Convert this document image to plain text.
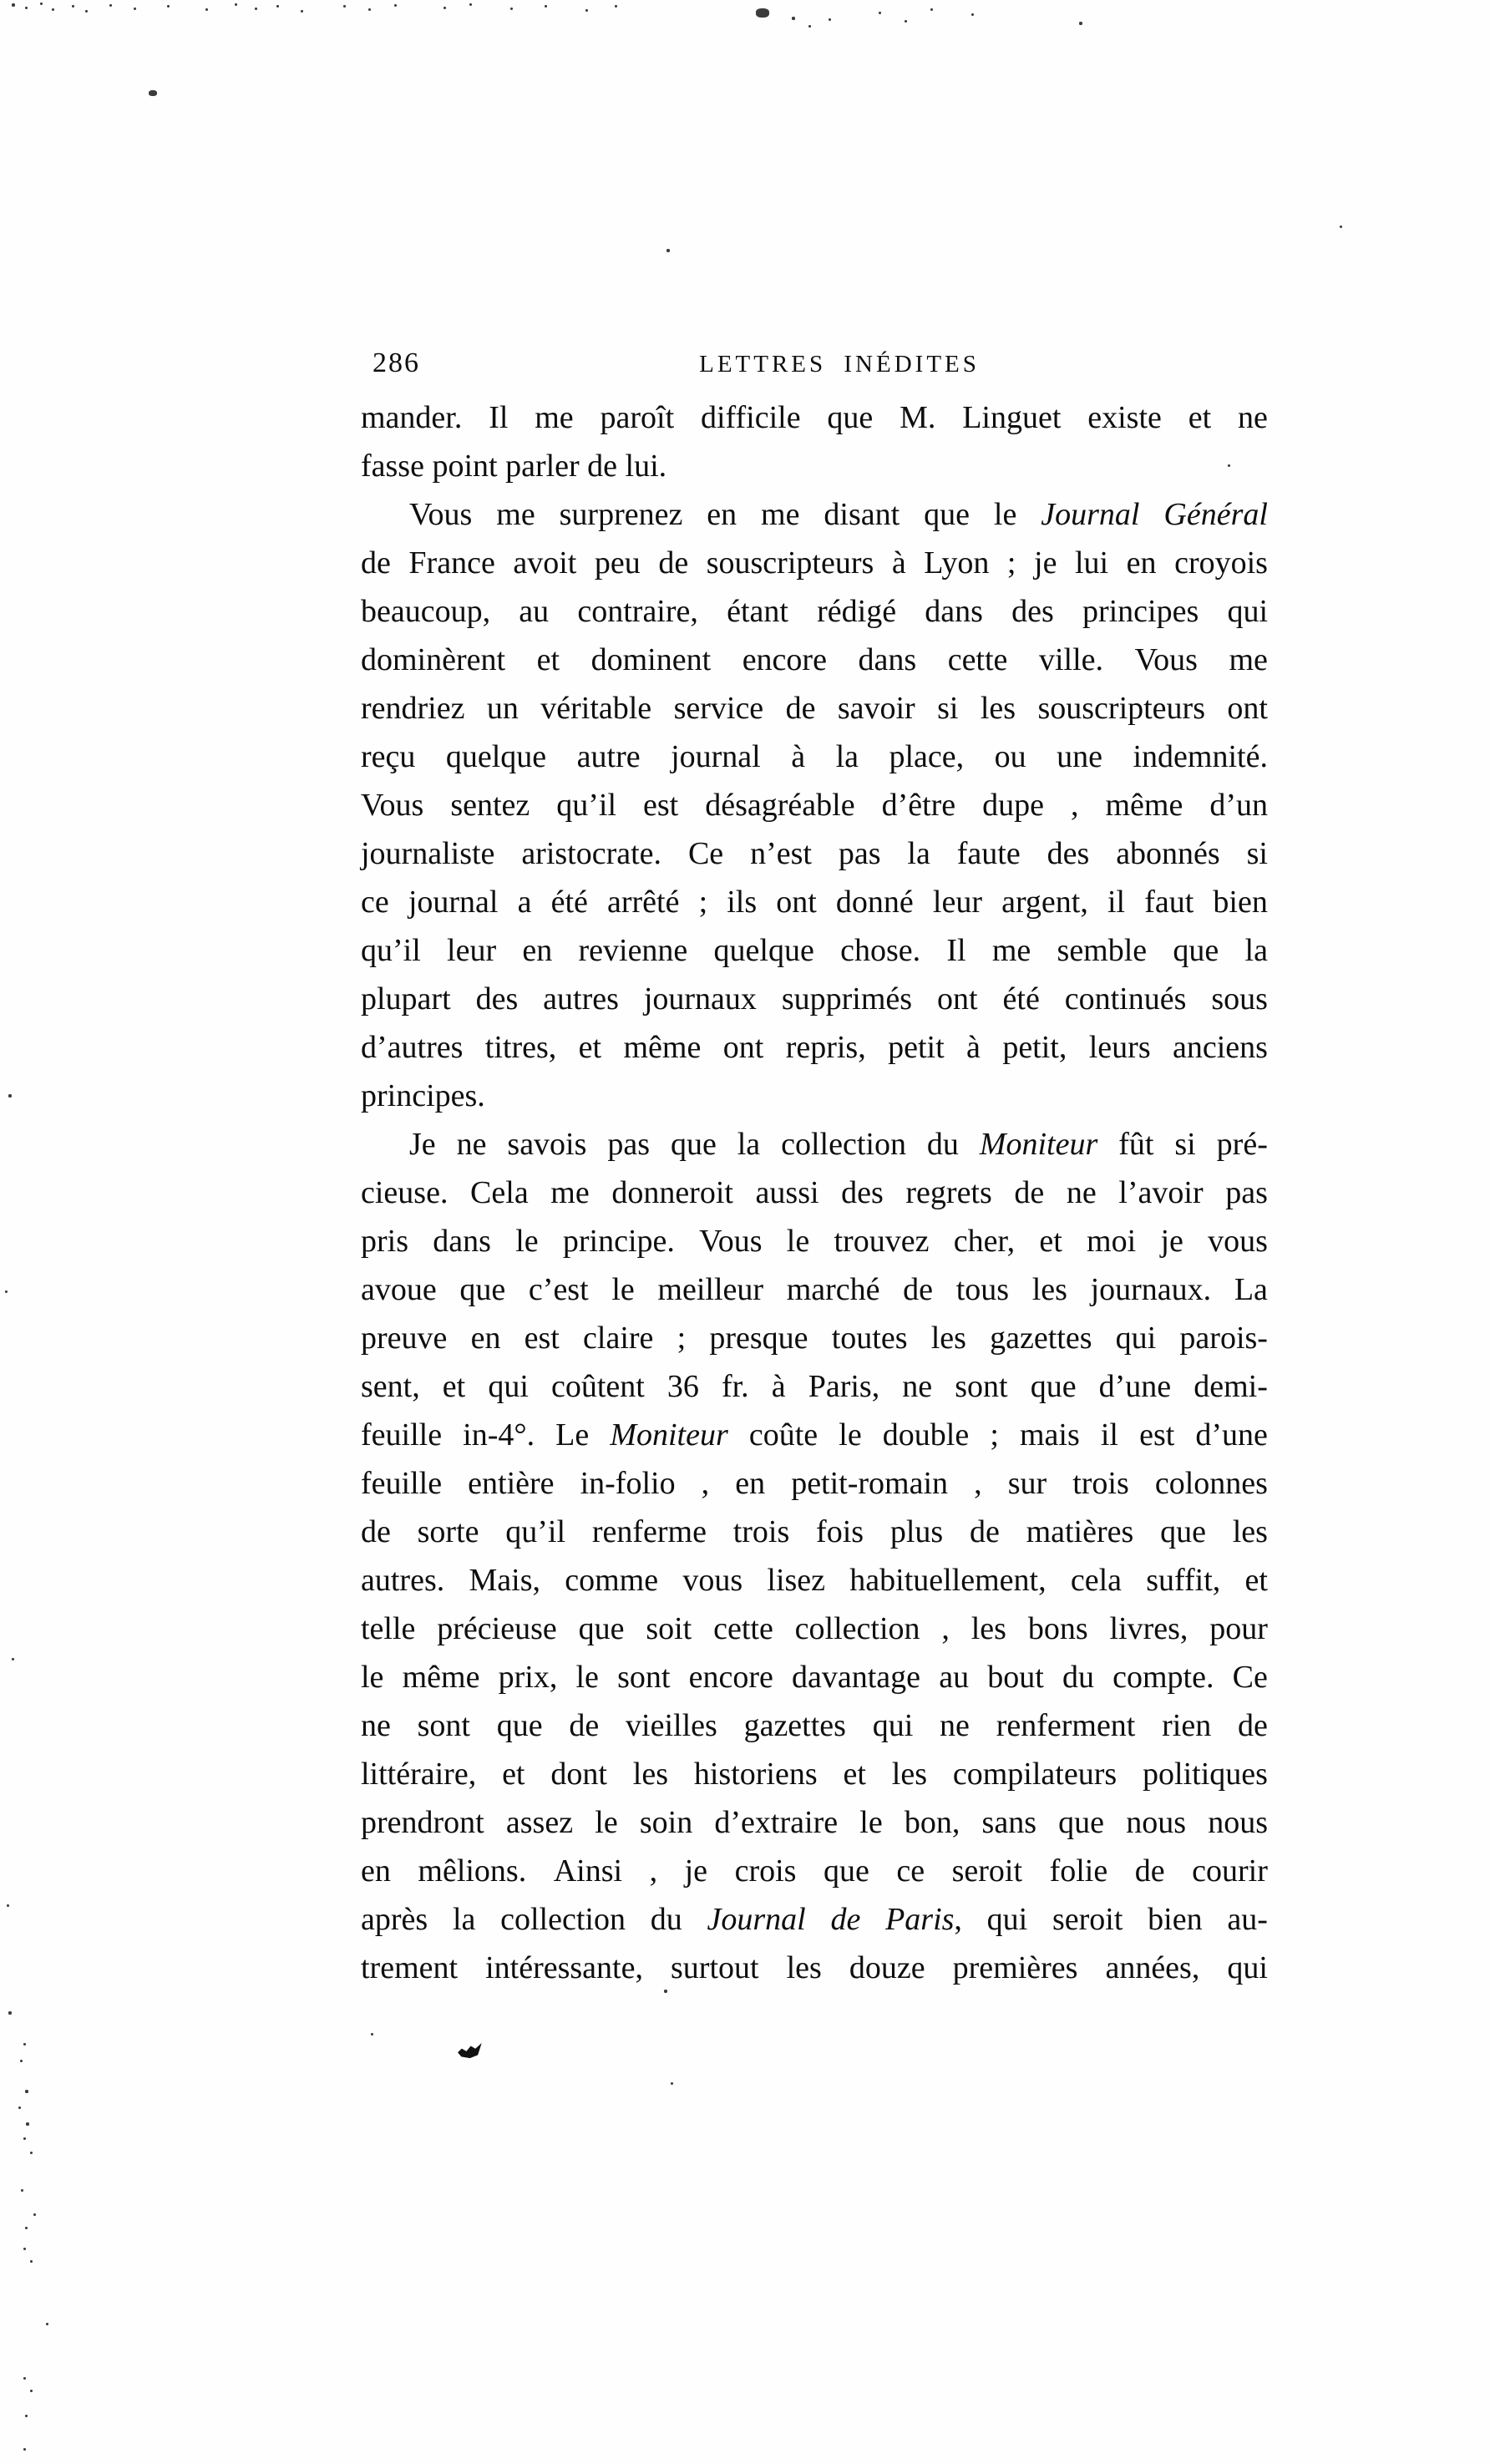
286	LETTRES INÉDITES
mander. Il me paroît difficile que M. Linguet existe et ne
fasse point parler de lui.
Vous me surprenez en me disant que le Journal Général
de France avoit peu de souscripteurs à Lyon ; je lui en croyois
beaucoup, au contraire, étant rédigé dans des principes qui
dominèrent et dominent encore dans cette ville. Vous me
rendriez un véritable service de savoir si les souscripteurs ont
reçu quelque autre journal à la place, ou une indemnité.
Vous sentez qu’il est désagréable d’être dupe , même d’un
journaliste aristocrate. Ce n’est pas la faute des abonnés si
ce journal a été arrêté ; ils ont donné leur argent, il faut bien
qu’il leur en revienne quelque chose. Il me semble que la
plupart des autres journaux supprimés ont été continués sous
d’autres titres, et même ont repris, petit à petit, leurs anciens
principes.
Je ne savois pas que la collection du Moniteur fût si pré-
cieuse. Cela me donneroit aussi des regrets de ne l’avoir pas
pris dans le principe. Vous le trouvez cher, et moi je vous
avoue que c’est le meilleur marché de tous les journaux. La
preuve en est claire ; presque toutes les gazettes qui parois-
sent, et qui coûtent 36 fr. à Paris, ne sont que d’une demi-
feuille in-4°. Le Moniteur coûte le double ; mais il est d’une
feuille entière in-folio , en petit-romain , sur trois colonnes
de sorte qu’il renferme trois fois plus de matières que les
autres. Mais, comme vous lisez habituellement, cela suffit, et
telle précieuse que soit cette collection , les bons livres, pour
le même prix, le sont encore davantage au bout du compte. Ce
ne sont que de vieilles gazettes qui ne renferment rien de
littéraire, et dont les historiens et les compilateurs politiques
prendront assez le soin d’extraire le bon, sans que nous nous
en mêlions. Ainsi , je crois que ce seroit folie de courir
après la collection du Journal de Paris, qui seroit bien au-
trement intéressante, surtout les douze premières années, qui
